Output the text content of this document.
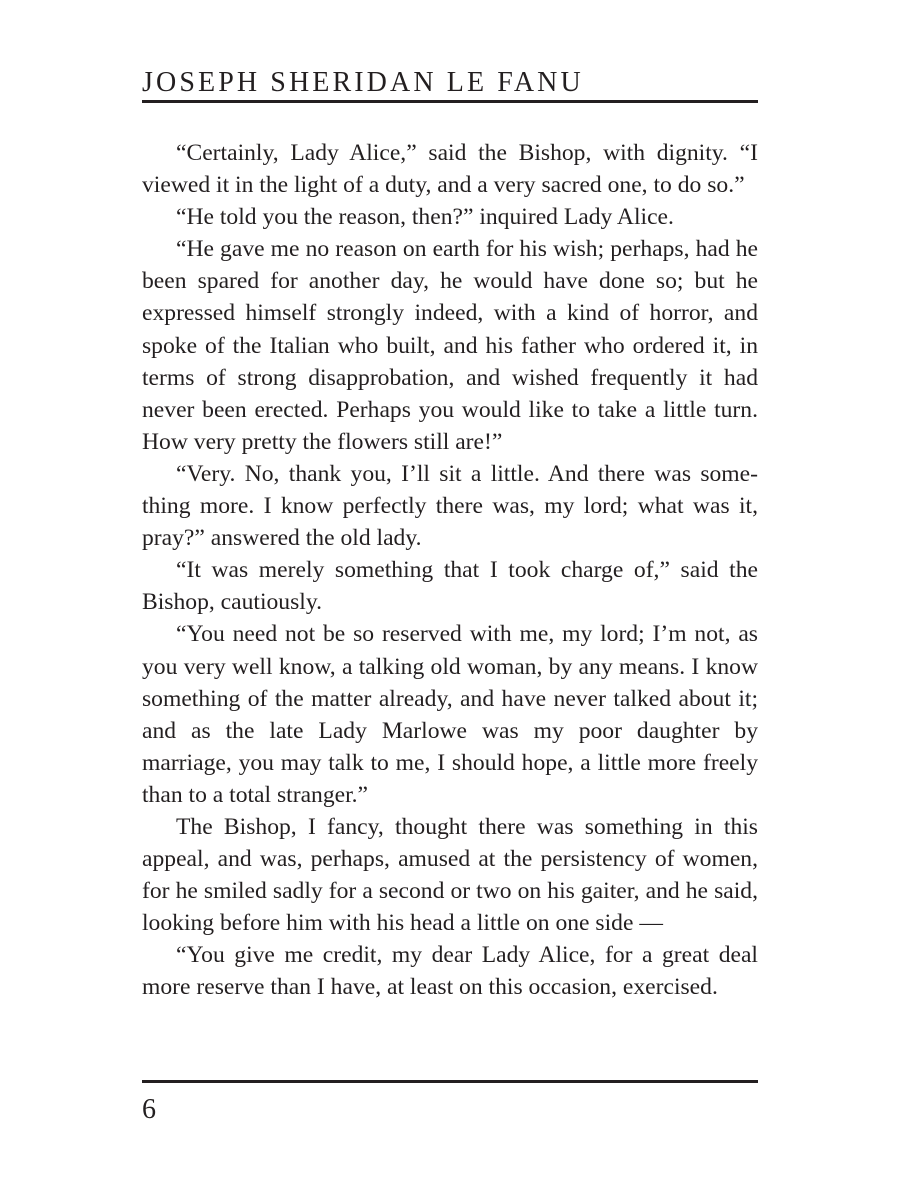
JOSEPH SHERIDAN LE FANU

“Certainly, Lady Alice,” said the Bishop, with dignity. “I viewed it in the light of a duty, and a very sacred one, to do so.”

“He told you the reason, then?” inquired Lady Alice.

“He gave me no reason on earth for his wish; perhaps, had he been spared for another day, he would have done so; but he expressed himself strongly indeed, with a kind of horror, and spoke of the Italian who built, and his father who ordered it, in terms of strong disapprobation, and wished frequently it had never been erected. Perhaps you would like to take a little turn. How very pretty the flowers still are!”

“Very. No, thank you, I’ll sit a little. And there was something more. I know perfectly there was, my lord; what was it, pray?” answered the old lady.

“It was merely something that I took charge of,” said the Bishop, cautiously.

“You need not be so reserved with me, my lord; I’m not, as you very well know, a talking old woman, by any means. I know something of the matter already, and have never talked about it; and as the late Lady Marlowe was my poor daughter by marriage, you may talk to me, I should hope, a little more freely than to a total stranger.”

The Bishop, I fancy, thought there was something in this appeal, and was, perhaps, amused at the persistency of women, for he smiled sadly for a second or two on his gaiter, and he said, looking before him with his head a little on one side —

“You give me credit, my dear Lady Alice, for a great deal more reserve than I have, at least on this occasion, exercised.

6
